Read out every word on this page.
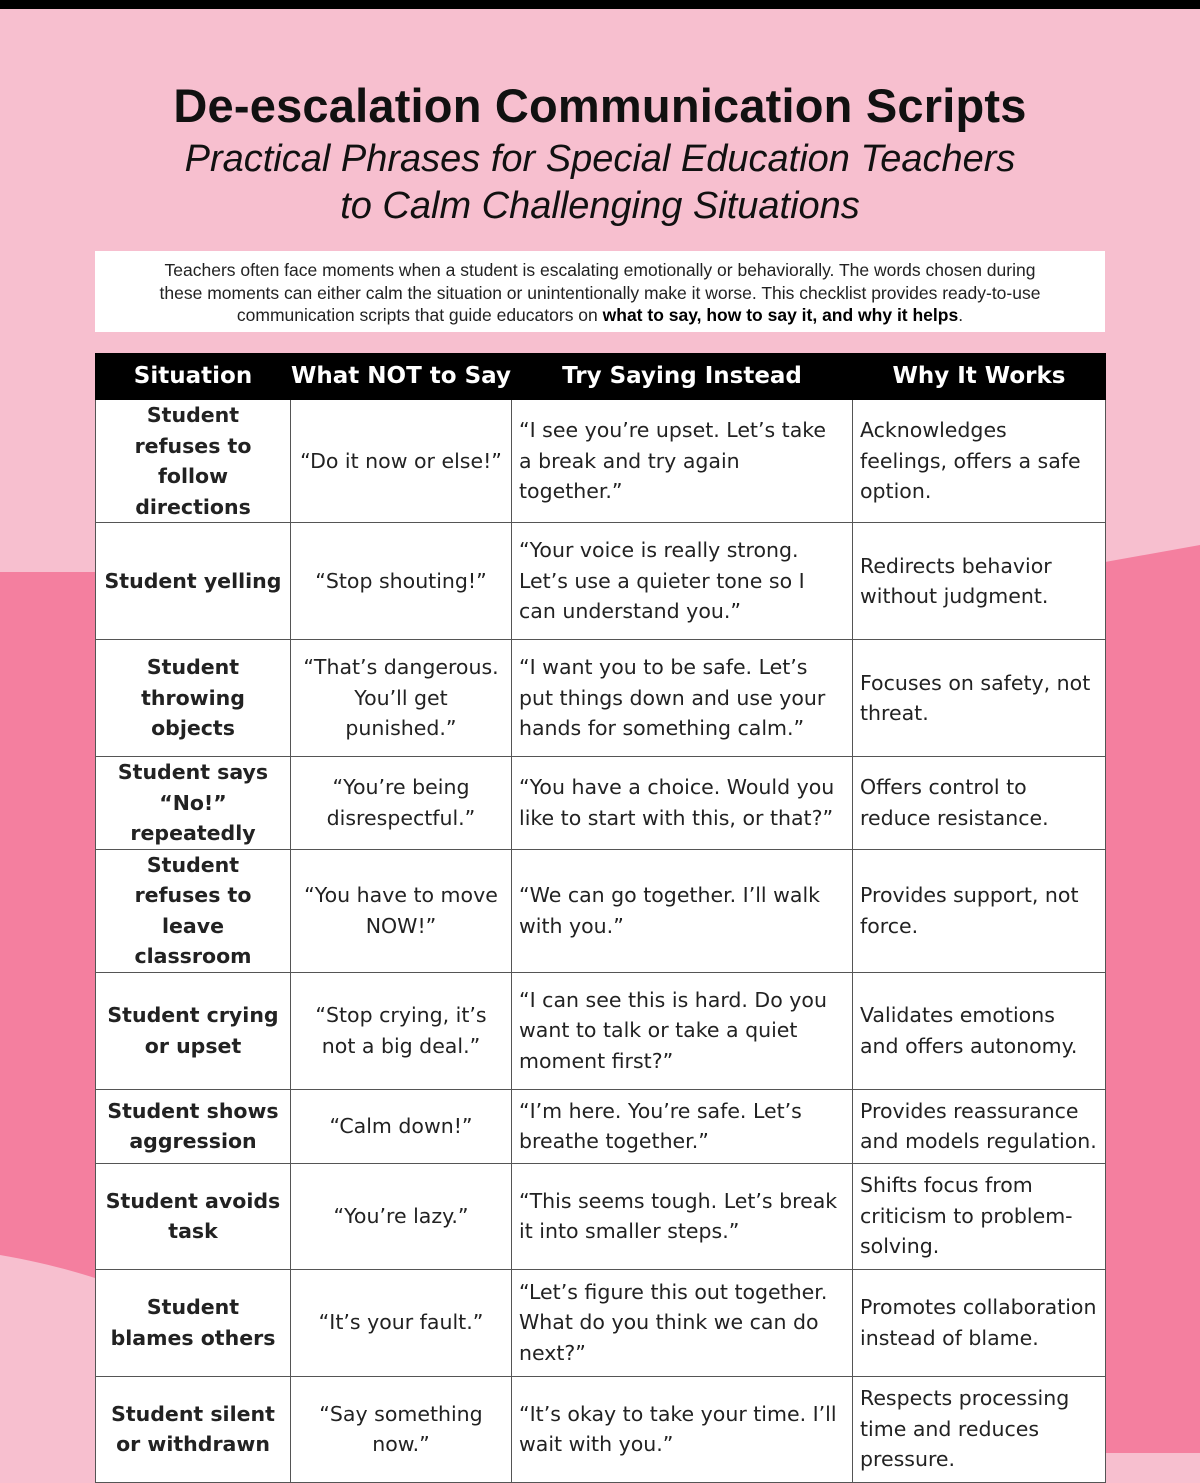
De-escalation Communication Scripts
Practical Phrases for Special Education Teachers
to Calm Challenging Situations
Teachers often face moments when a student is escalating emotionally or behaviorally. The words chosen during
these moments can either calm the situation or unintentionally make it worse. This checklist provides ready-to-use
communication scripts that guide educators on what to say, how to say it, and why it helps.
Situation	What NOT to Say	Try Saying Instead	Why It Works
Student refuses to follow directions	“Do it now or else!”	“I see you’re upset. Let’s take a break and try again together.”	Acknowledges feelings, offers a safe option.
Student yelling	“Stop shouting!”	“Your voice is really strong. Let’s use a quieter tone so I can understand you.”	Redirects behavior without judgment.
Student throwing objects	“That’s dangerous. You’ll get punished.”	“I want you to be safe. Let’s put things down and use your hands for something calm.”	Focuses on safety, not threat.
Student says “No!” repeatedly	“You’re being disrespectful.”	“You have a choice. Would you like to start with this, or that?”	Offers control to reduce resistance.
Student refuses to leave classroom	“You have to move NOW!”	“We can go together. I’ll walk with you.”	Provides support, not force.
Student crying or upset	“Stop crying, it’s not a big deal.”	“I can see this is hard. Do you want to talk or take a quiet moment first?”	Validates emotions and offers autonomy.
Student shows aggression	“Calm down!”	“I’m here. You’re safe. Let’s breathe together.”	Provides reassurance and models regulation.
Student avoids task	“You’re lazy.”	“This seems tough. Let’s break it into smaller steps.”	Shifts focus from criticism to problem-solving.
Student blames others	“It’s your fault.”	“Let’s figure this out together. What do you think we can do next?”	Promotes collaboration instead of blame.
Student silent or withdrawn	“Say something now.”	“It’s okay to take your time. I’ll wait with you.”	Respects processing time and reduces pressure.
